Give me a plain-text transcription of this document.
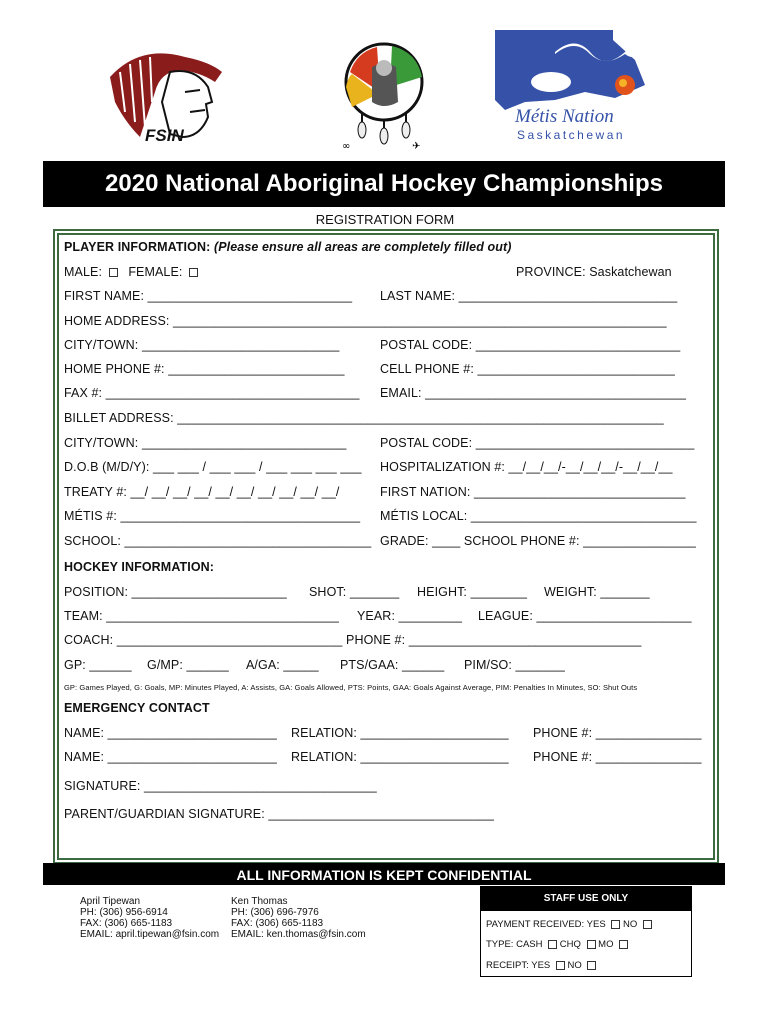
FSIN
∞	✈
Métis Nation
Saskatchewan
2020 National Aboriginal Hockey Championships
REGISTRATION FORM
PLAYER INFORMATION: (Please ensure all areas are completely filled out)
MALE:    FEMALE:	PROVINCE: Saskatchewan
FIRST NAME: _____________________________ LAST NAME: _______________________________
HOME ADDRESS: ______________________________________________________________________
CITY/TOWN: ____________________________	POSTAL CODE: _____________________________
HOME PHONE #: _________________________	CELL PHONE #: ____________________________
FAX #: ____________________________________ EMAIL: _____________________________________
BILLET ADDRESS: _____________________________________________________________________
CITY/TOWN: _____________________________	POSTAL CODE: _______________________________
D.O.B (M/D/Y): ___ ___ / ___ ___ / ___ ___ ___ ___ HOSPITALIZATION #: __/__/__/-__/__/__/-__/__/__
TREATY #: __/ __/ __/ __/ __/ __/ __/ __/ __/ __/	FIRST NATION: ______________________________
MÉTIS #: __________________________________ MÉTIS LOCAL: ________________________________
SCHOOL: ___________________________________ GRADE: ____ SCHOOL PHONE #: ________________
HOCKEY INFORMATION:
POSITION: ______________________ SHOT: _______ HEIGHT: ________ WEIGHT: _______
TEAM: _________________________________ YEAR: _________ LEAGUE: ______________________
COACH: ________________________________ PHONE #: _________________________________
GP: ______ G/MP: ______ A/GA: _____ PTS/GAA: ______ PIM/SO: _______
GP: Games Played, G: Goals, MP: Minutes Played, A: Assists, GA: Goals Allowed, PTS: Points, GAA: Goals Against Average, PIM: Penalties In Minutes, SO: Shut Outs
EMERGENCY CONTACT
NAME: ________________________ RELATION: _____________________ PHONE #: _______________
NAME: ________________________ RELATION: _____________________ PHONE #: _______________
SIGNATURE: _________________________________
PARENT/GUARDIAN SIGNATURE: ________________________________
ALL INFORMATION IS KEPT CONFIDENTIAL
April Tipewan
PH: (306) 956-6914
FAX: (306) 665-1183
EMAIL: april.tipewan@fsin.com
Ken Thomas
PH: (306) 696-7976
FAX: (306) 665-1183
EMAIL: ken.thomas@fsin.com
STAFF USE ONLY
PAYMENT RECEIVED: YES  NO
TYPE: CASH  CHQ  MO
RECEIPT: YES  NO
